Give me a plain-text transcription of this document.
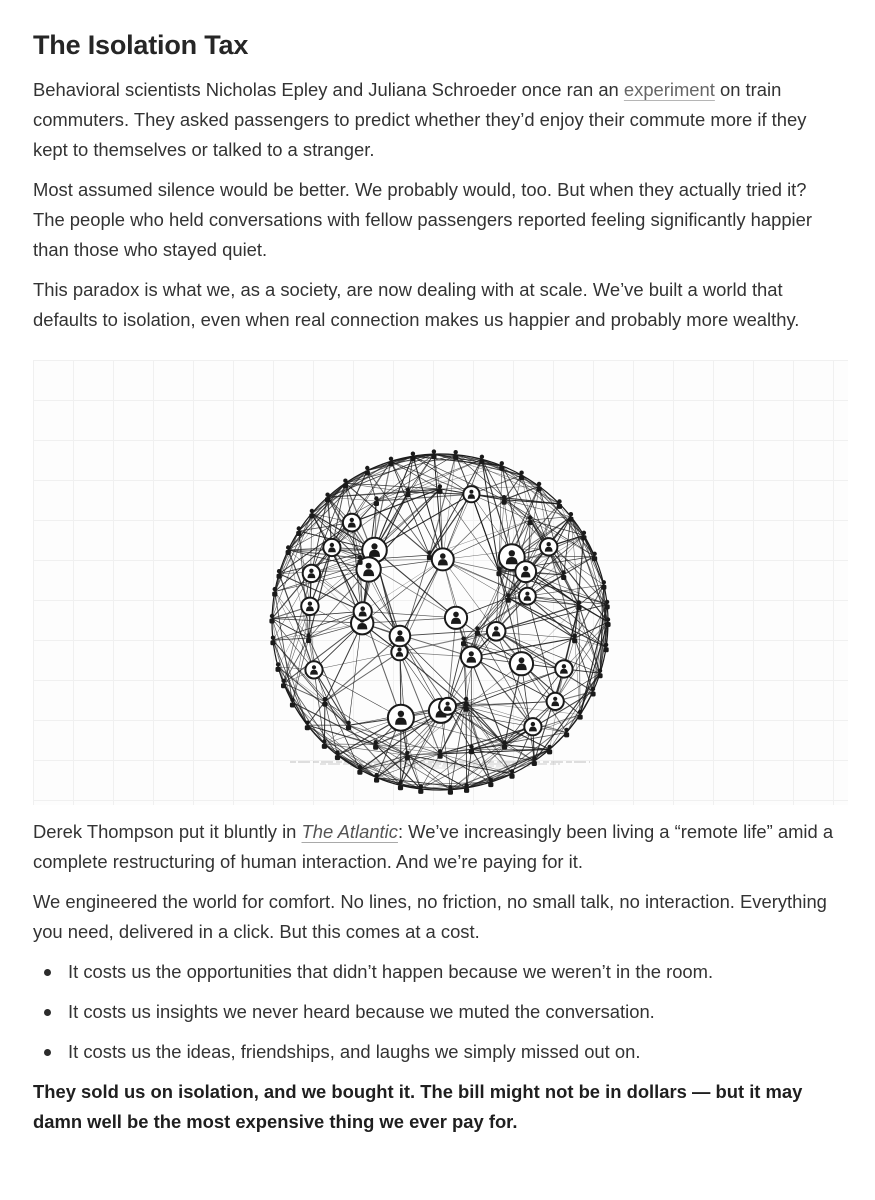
The Isolation Tax

Behavioral scientists Nicholas Epley and Juliana Schroeder once ran an experiment on train commuters. They asked passengers to predict whether they’d enjoy their commute more if they kept to themselves or talked to a stranger.

Most assumed silence would be better. We probably would, too. But when they actually tried it? The people who held conversations with fellow passengers reported feeling significantly happier than those who stayed quiet.

This paradox is what we, as a society, are now dealing with at scale. We’ve built a world that defaults to isolation, even when real connection makes us happier and probably more wealthy.

Derek Thompson put it bluntly in The Atlantic: We’ve increasingly been living a “remote life” amid a complete restructuring of human interaction. And we’re paying for it.

We engineered the world for comfort. No lines, no friction, no small talk, no interaction. Everything you need, delivered in a click. But this comes at a cost.

It costs us the opportunities that didn’t happen because we weren’t in the room.
It costs us insights we never heard because we muted the conversation.
It costs us the ideas, friendships, and laughs we simply missed out on.

They sold us on isolation, and we bought it. The bill might not be in dollars — but it may damn well be the most expensive thing we ever pay for.
